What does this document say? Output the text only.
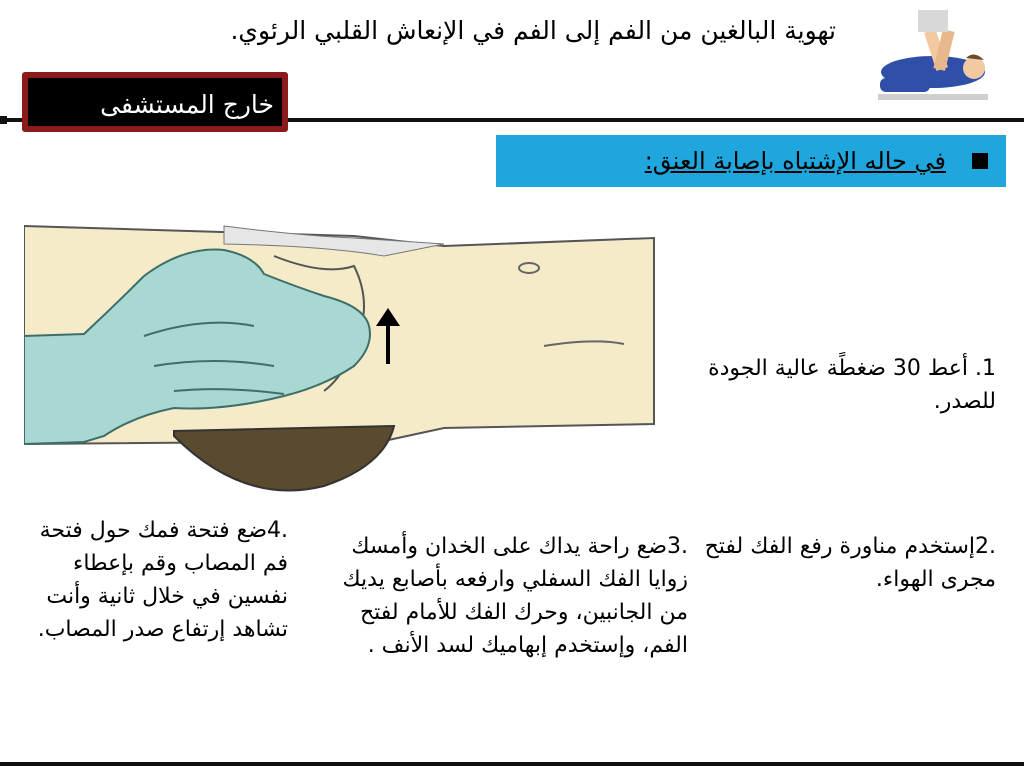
تهوية البالغين من الفم إلى الفم في الإنعاش القلبي الرئوي.
خارج المستشفى
في حاله الإشتباه بإصابة العنق:
1. أعط 30 ضغطًة عالية الجودة للصدر.
.2إستخدم مناورة رفع الفك لفتح مجرى الهواء.
.3ضع راحة يداك على الخدان وأمسك زوايا الفك السفلي وارفعه بأصابع يديك من الجانبين، وحرك الفك للأمام لفتح الفم، وإستخدم إبهاميك لسد الأنف .
.4ضع فتحة فمك حول فتحة فم المصاب وقم بإعطاء نفسين في خلال ثانية وأنت تشاهد إرتفاع صدر المصاب.
